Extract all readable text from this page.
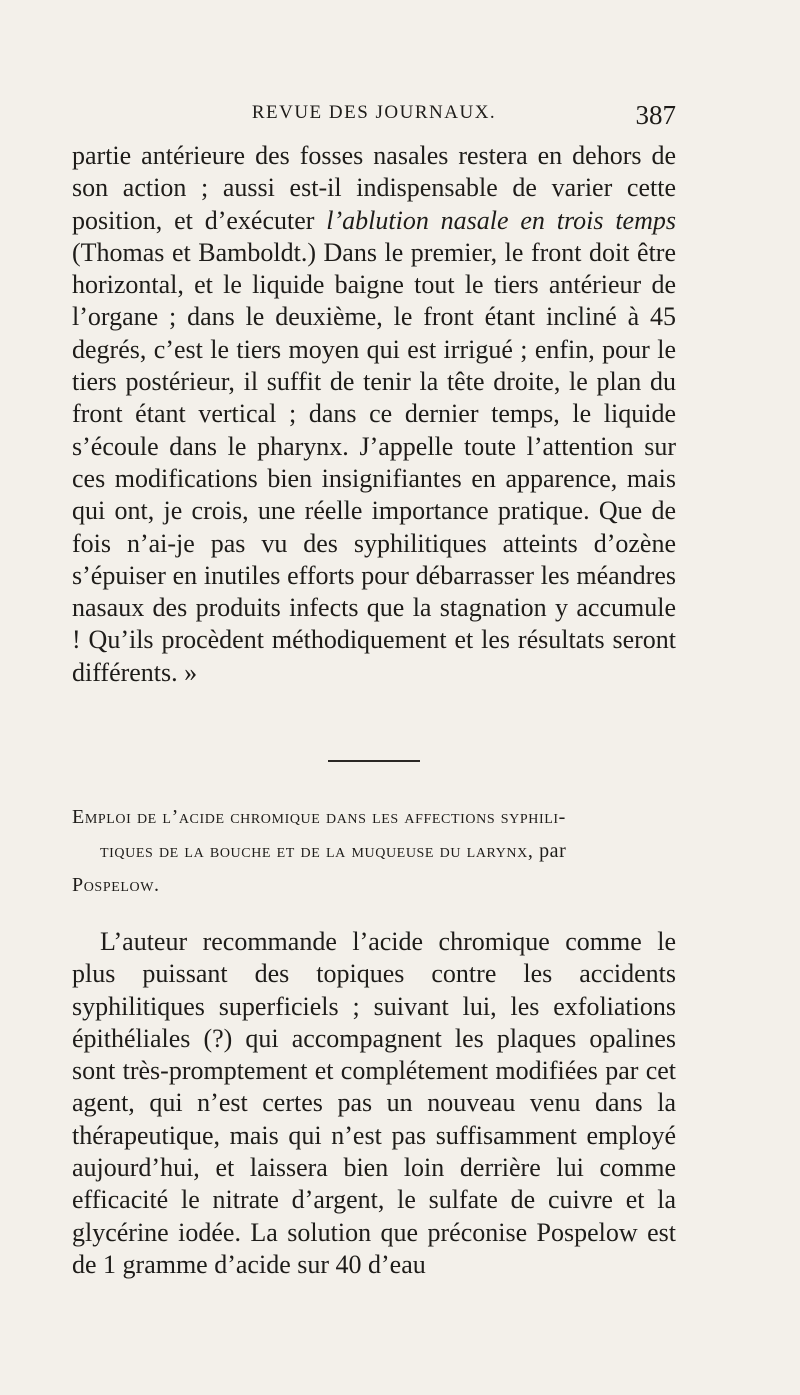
REVUE DES JOURNAUX.	387

partie antérieure des fosses nasales restera en dehors de son action ; aussi est-il indispensable de varier cette position, et d’exécuter l’ablution nasale en trois temps (Thomas et Bamboldt.) Dans le premier, le front doit être horizontal, et le liquide baigne tout le tiers antérieur de l’organe ; dans le deuxième, le front étant incliné à 45 degrés, c’est le tiers moyen qui est irrigué ; enfin, pour le tiers postérieur, il suffit de tenir la tête droite, le plan du front étant vertical ; dans ce dernier temps, le liquide s’écoule dans le pharynx. J’appelle toute l’attention sur ces modifications bien insignifiantes en apparence, mais qui ont, je crois, une réelle importance pratique. Que de fois n’ai-je pas vu des syphilitiques atteints d’ozène s’épuiser en inutiles efforts pour débarrasser les méandres nasaux des produits infects que la stagnation y accumule ! Qu’ils procèdent méthodiquement et les résultats seront différents. »

Emploi de l’acide chromique dans les affections syphili-
tiques de la bouche et de la muqueuse du larynx, par
Pospelow.

L’auteur recommande l’acide chromique comme le plus puissant des topiques contre les accidents syphilitiques superficiels ; suivant lui, les exfoliations épithéliales (?) qui accompagnent les plaques opalines sont très-promptement et complétement modifiées par cet agent, qui n’est certes pas un nouveau venu dans la thérapeutique, mais qui n’est pas suffisamment employé aujourd’hui, et laissera bien loin derrière lui comme efficacité le nitrate d’argent, le sulfate de cuivre et la glycérine iodée. La solution que préconise Pospelow est de 1 gramme d’acide sur 40 d’eau
